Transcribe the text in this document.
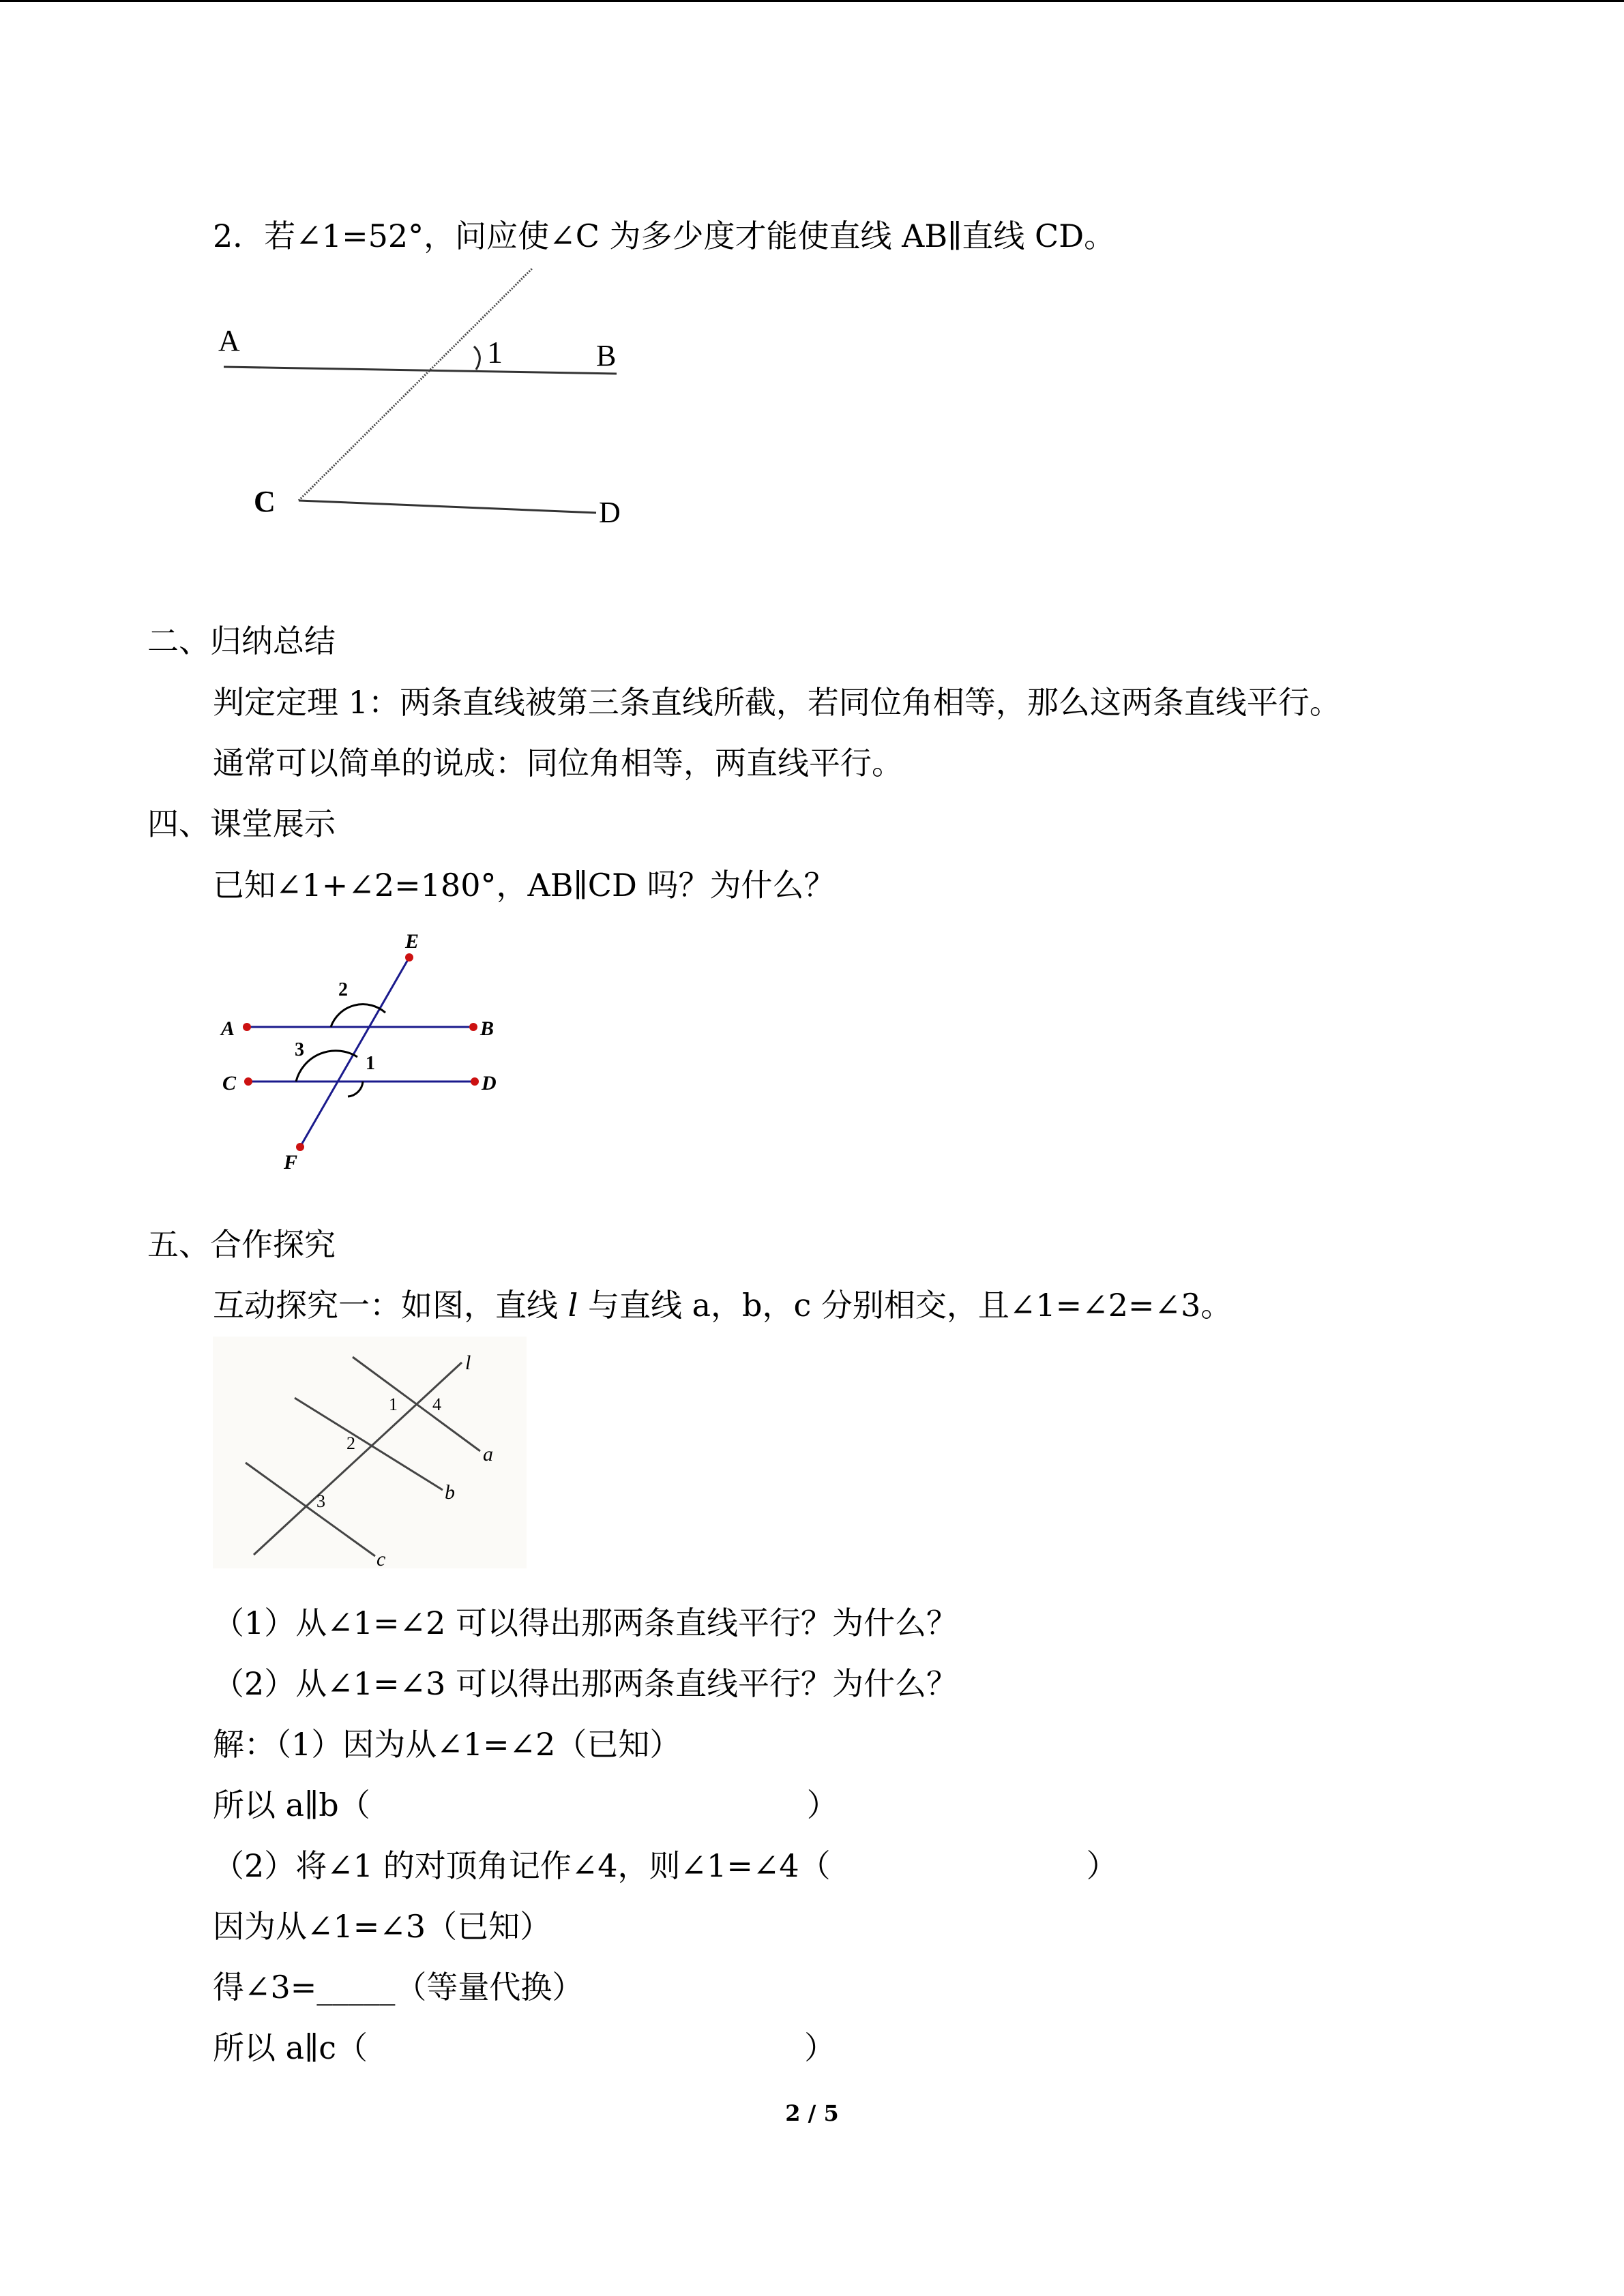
2．若∠1=52°，问应使∠C 为多少度才能使直线 AB∥直线 CD。
A	1	B
C	D
二、归纳总结
判定定理 1：两条直线被第三条直线所截，若同位角相等，那么这两条直线平行。
通常可以简单的说成：同位角相等，两直线平行。
四、课堂展示
已知∠1+∠2=180°，AB∥CD 吗？为什么？
A	B
C	D
E
F
2
3
1
五、合作探究
互动探究一：如图，直线 l 与直线 a，b，c 分别相交，且∠1=∠2=∠3。
l
a
b
c
1 4
2
3
（1）从∠1=∠2 可以得出那两条直线平行？为什么？
（2）从∠1=∠3 可以得出那两条直线平行？为什么？
解：（1）因为从∠1=∠2（已知）
所以 a∥b（	）
（2）将∠1 的对顶角记作∠4，则∠1=∠4（	）
因为从∠1=∠3（已知）
得∠3=_____（等量代换）
所以 a∥c（	）
2 / 5
